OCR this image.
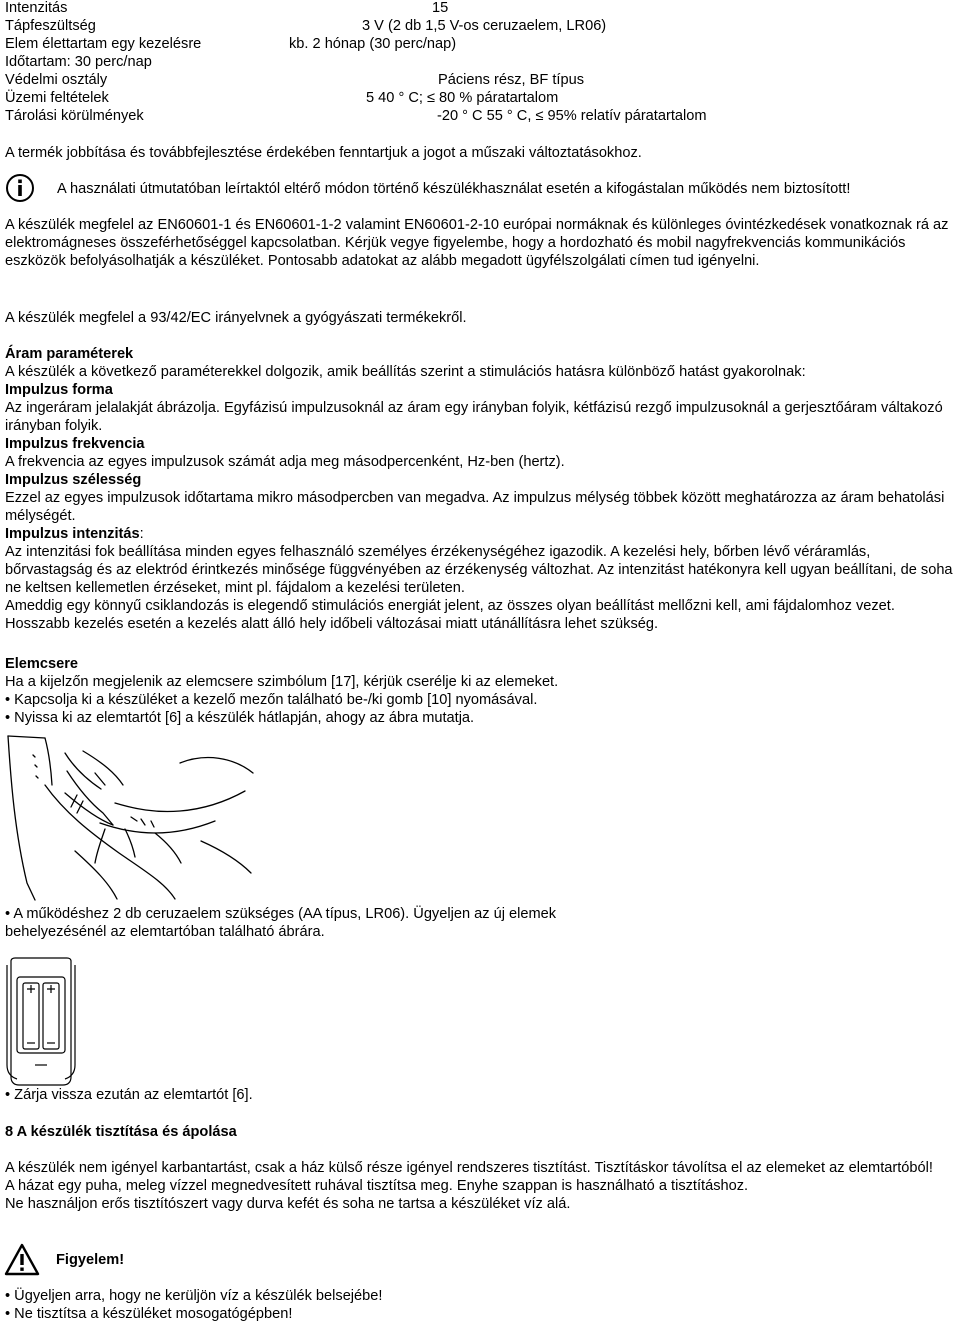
Intenzitás	15
Tápfeszültség	3 V (2 db 1,5 V-os ceruzaelem, LR06)
Elem élettartam egy kezelésre	kb. 2 hónap (30 perc/nap)
Időtartam: 30 perc/nap
Védelmi osztály	Páciens rész, BF típus
Üzemi feltételek	5 40 ° C; ≤ 80 % páratartalom
Tárolási körülmények	-20 ° C 55 ° C, ≤ 95% relatív páratartalom
A termék jobbítása és továbbfejlesztése érdekében fenntartjuk a jogot a műszaki változtatásokhoz.
A használati útmutatóban leírtaktól eltérő módon történő készülékhasználat esetén a kifogástalan működés nem biztosított!

A készülék megfelel az EN60601-1 és EN60601-1-2 valamint EN60601-2-10 európai normáknak és különleges óvintézkedések vonatkoznak rá az elektromágneses összeférhetőséggel kapcsolatban. Kérjük vegye figyelembe, hogy a hordozható és mobil nagyfrekvenciás kommunikációs eszközök befolyásolhatják a készüléket. Pontosabb adatokat az alább megadott ügyfélszolgálati címen tud igényelni.

A készülék megfelel a 93/42/EC irányelvnek a gyógyászati termékekről.

Áram paraméterek

A készülék a következő paraméterekkel dolgozik, amik beállítás szerint a stimulációs hatásra különböző hatást gyakorolnak:

Impulzus forma

Az ingeráram jelalakját ábrázolja. Egyfázisú impulzusoknál az áram egy irányban folyik, kétfázisú rezgő impulzusoknál a gerjesztőáram váltakozó irányban folyik.

Impulzus frekvencia

A frekvencia az egyes impulzusok számát adja meg másodpercenként, Hz-ben (hertz).

Impulzus szélesség

Ezzel az egyes impulzusok időtartama mikro másodpercben van megadva. Az impulzus mélység többek között meghatározza az áram behatolási mélységét.

Impulzus intenzitás:

Az intenzitási fok beállítása minden egyes felhasználó személyes érzékenységéhez igazodik. A kezelési hely, bőrben lévő véráramlás, bőrvastagság és az elektród érintkezés minősége függvényében az érzékenység változhat. Az intenzitást hatékonyra kell ugyan beállítani, de soha ne keltsen kellemetlen érzéseket, mint pl. fájdalom a kezelési területen.

Ameddig egy könnyű csiklandozás is elegendő stimulációs energiát jelent, az összes olyan beállítást mellőzni kell, ami fájdalomhoz vezet. Hosszabb kezelés esetén a kezelés alatt álló hely időbeli változásai miatt utánállításra lehet szükség.

Elemcsere

Ha a kijelzőn megjelenik az elemcsere szimbólum [17], kérjük cserélje ki az elemeket.

• Kapcsolja ki a készüléket a kezelő mezőn található be-/ki gomb [10] nyomásával.

• Nyissa ki az elemtartót [6] a készülék hátlapján, ahogy az ábra mutatja.

• A működéshez 2 db ceruzaelem szükséges (AA típus, LR06). Ügyeljen az új elemek behelyezésénél az elemtartóban található ábrára.

• Zárja vissza ezután az elemtartót [6].
8 A készülék tisztítása és ápolása

A készülék nem igényel karbantartást, csak a ház külső része igényel rendszeres tisztítást. Tisztításkor távolítsa el az elemeket az elemtartóból!

A házat egy puha, meleg vízzel megnedvesített ruhával tisztítsa meg. Enyhe szappan is használható a tisztításhoz.

Ne használjon erős tisztítószert vagy durva kefét és soha ne tartsa a készüléket víz alá.

Figyelem!
• Ügyeljen arra, hogy ne kerüljön víz a készülék belsejébe!
• Ne tisztítsa a készüléket mosogatógépben!
